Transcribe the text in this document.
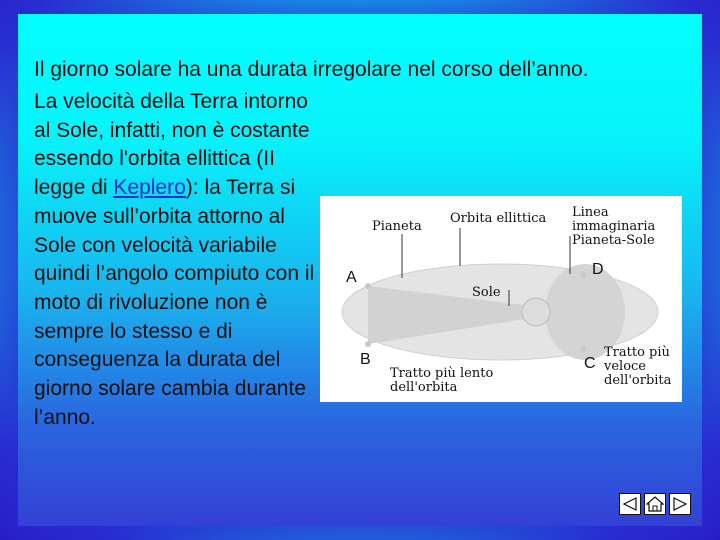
Il giorno solare ha una durata irregolare nel corso dell’anno.

La velocità della Terra intorno al Sole, infatti, non è costante essendo l'orbita ellittica (II legge di Keplero): la Terra si muove sull’orbita attorno al Sole con velocità variabile quindi l’angolo compiuto con il moto di rivoluzione non è sempre lo stesso e di conseguenza la durata del giorno solare cambia durante l’anno.

Pianeta
Orbita ellittica Linea
immaginaria
Pianeta-Sole
Sole
A
B	C
D
Tratto più lento
dell'orbita
Tratto più
veloce
dell'orbita
